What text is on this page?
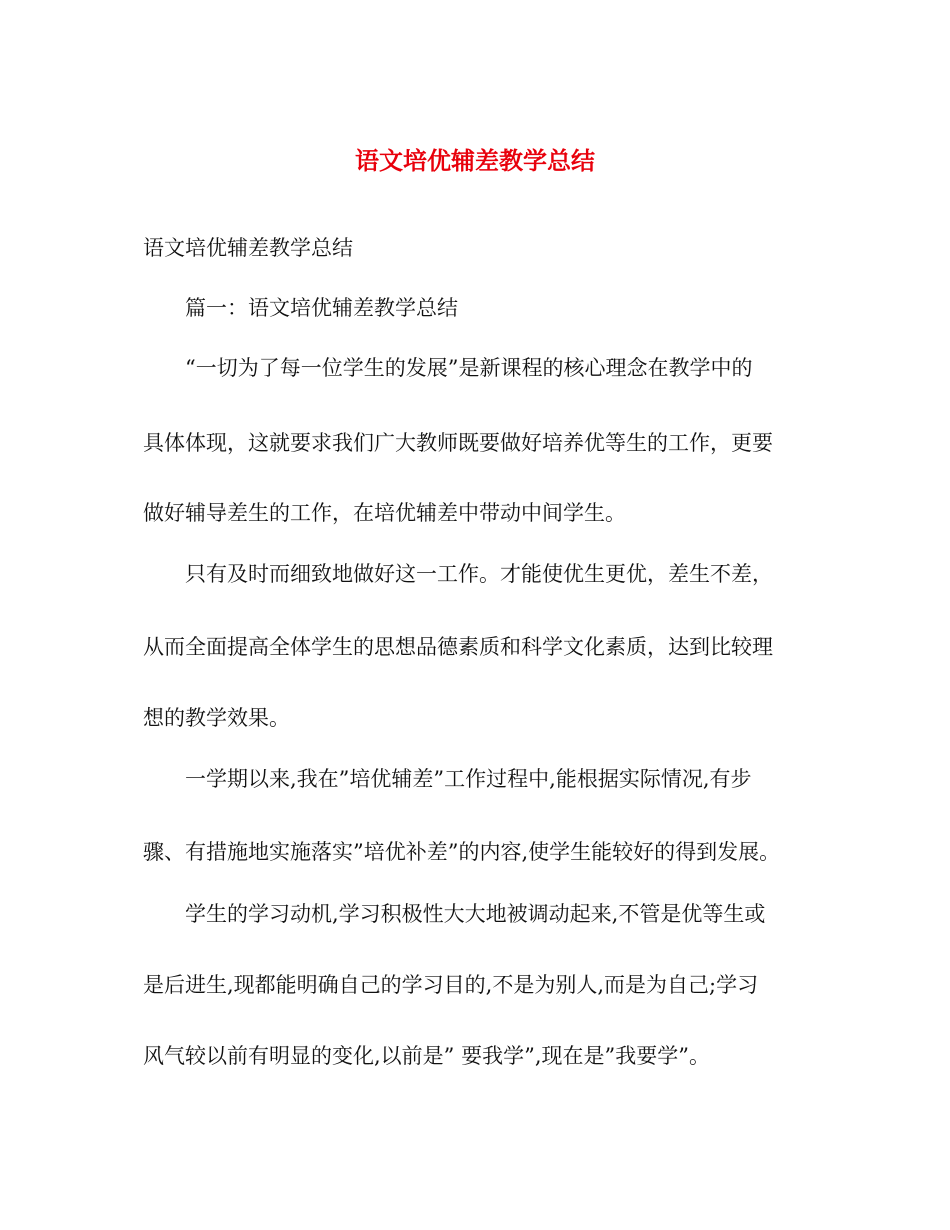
语文培优辅差教学总结
语文培优辅差教学总结
篇一：语文培优辅差教学总结
“一切为了每一位学生的发展”是新课程的核心理念在教学中的
具体体现，这就要求我们广大教师既要做好培养优等生的工作，更要
做好辅导差生的工作，在培优辅差中带动中间学生。
只有及时而细致地做好这一工作。才能使优生更优，差生不差，
从而全面提高全体学生的思想品德素质和科学文化素质，达到比较理
想的教学效果。
一学期以来,我在”培优辅差”工作过程中,能根据实际情况,有步
骤、有措施地实施落实”培优补差”的内容,使学生能较好的得到发展。
学生的学习动机,学习积极性大大地被调动起来,不管是优等生或
是后进生,现都能明确自己的学习目的,不是为别人,而是为自己;学习
风气较以前有明显的变化,以前是” 要我学”,现在是”我要学”。
